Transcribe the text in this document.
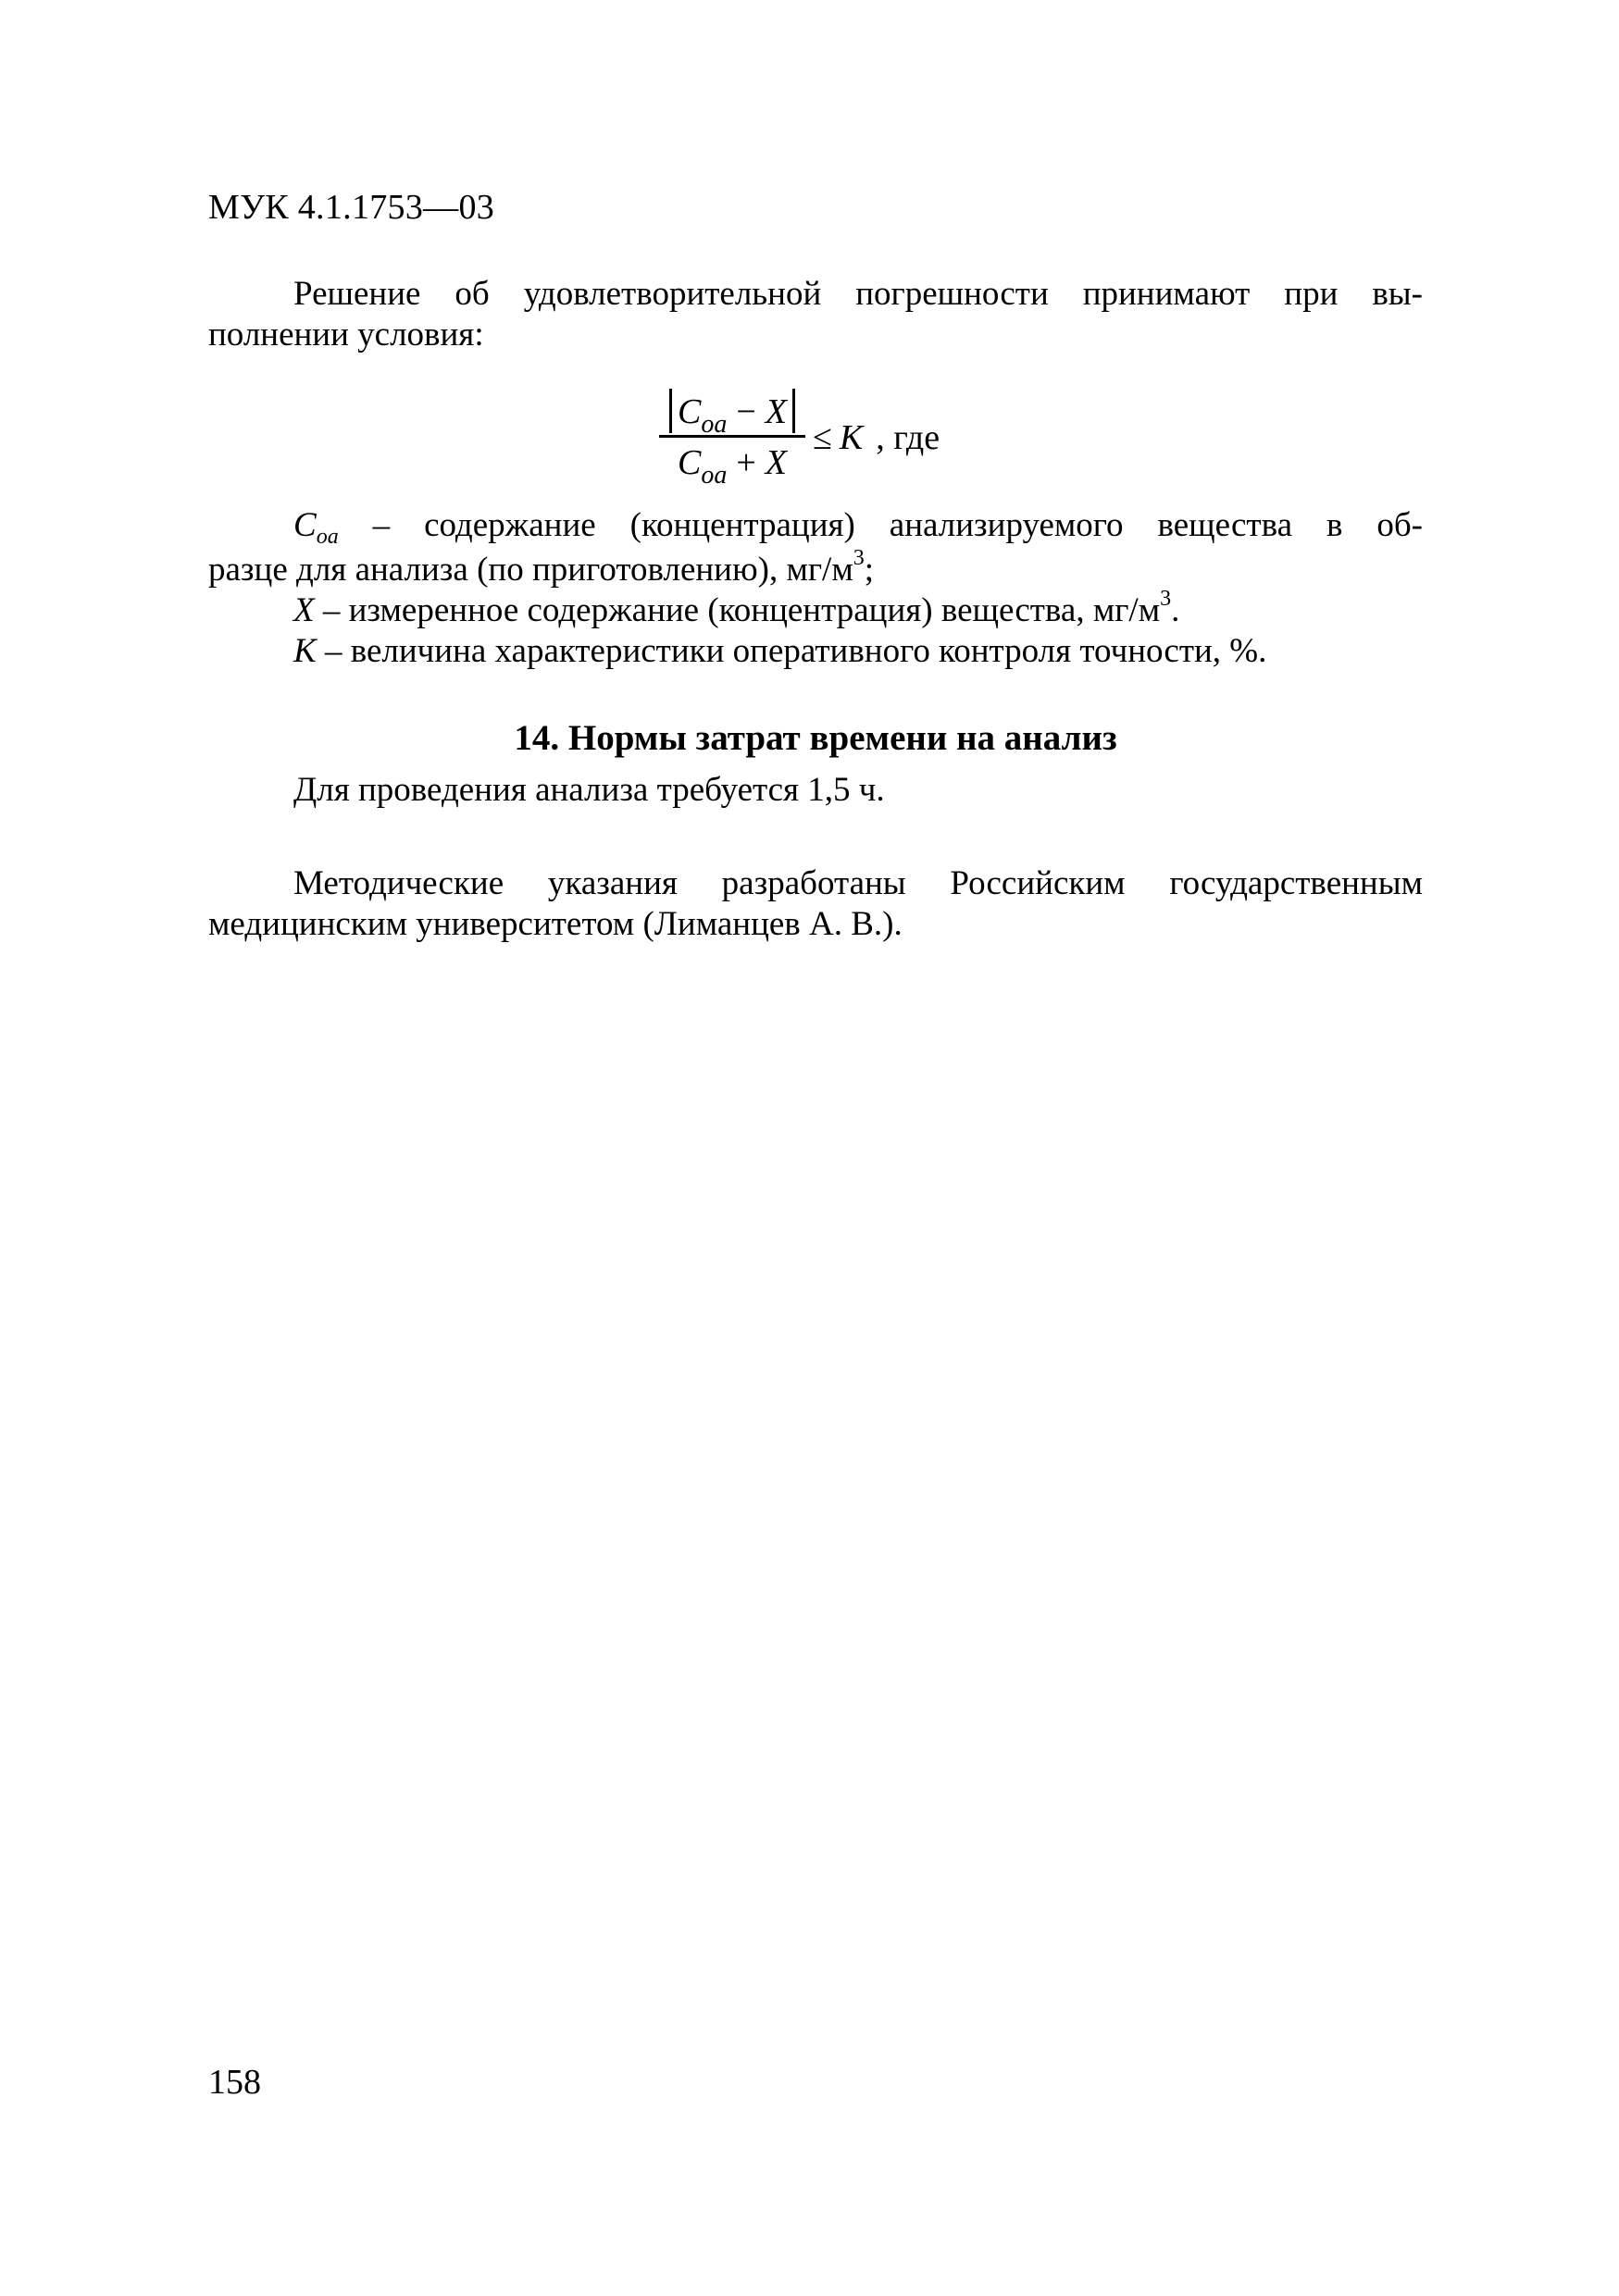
МУК 4.1.1753—03
Решение об удовлетворительной погрешности принимают при вы-
полнении условия:
$\frac{\text{C oa − X}}{\text{C oa + X}} \le K$ , где
$C_{oa}$ – содержание (концентрация) анализируемого вещества в об-
разце для анализа (по приготовлению), $мг/м^3$;
X – измеренное содержание (концентрация) вещества, $мг/м^3$.
K – величина характеристики оперативного контроля точности, %.
14. Нормы затрат времени на анализ
Для проведения анализа требуется 1,5 ч.
Методические указания разработаны Российским государственным
медицинским университетом (Лиманцев А. В.).
158
